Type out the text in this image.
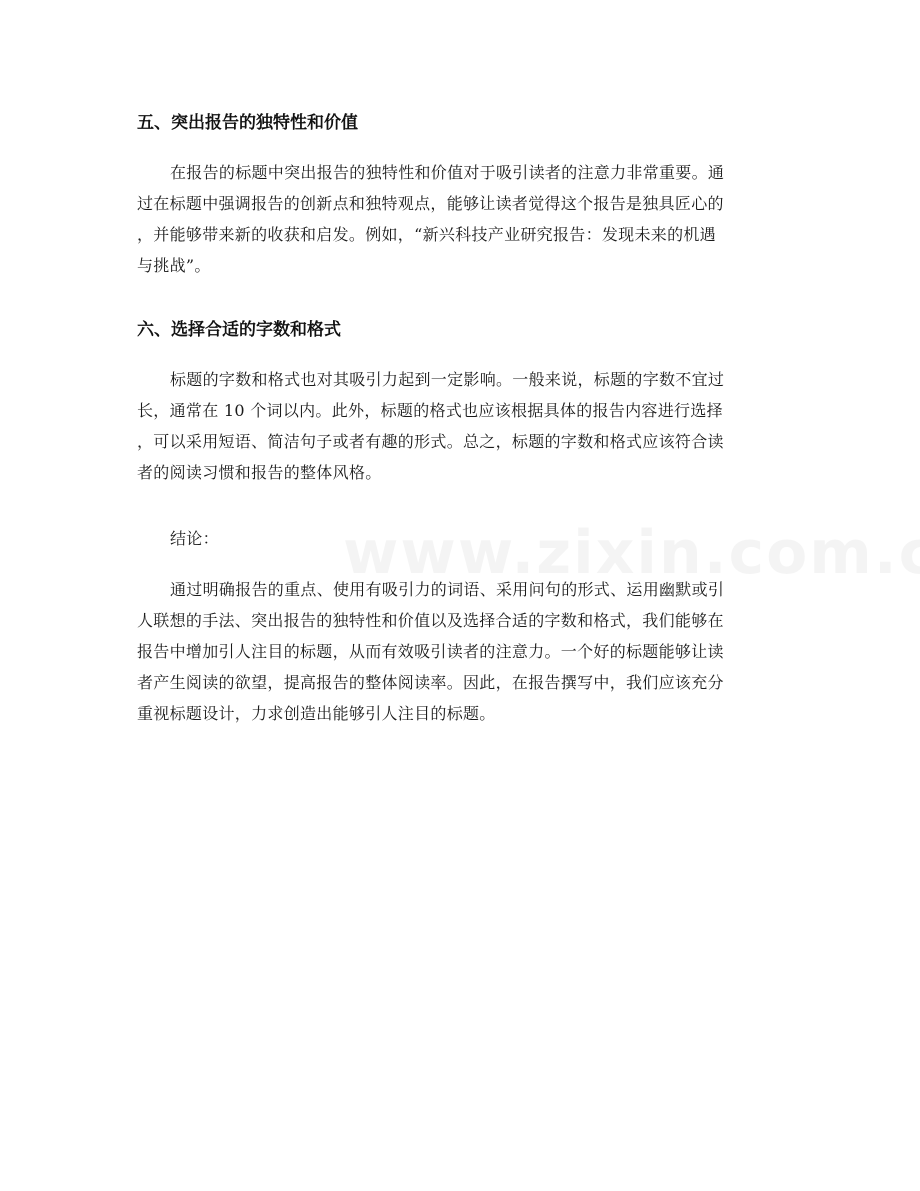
五、突出报告的独特性和价值
在报告的标题中突出报告的独特性和价值对于吸引读者的注意力非常重要。通
过在标题中强调报告的创新点和独特观点，能够让读者觉得这个报告是独具匠心的
，并能够带来新的收获和启发。例如，“新兴科技产业研究报告：发现未来的机遇
与挑战”。
六、选择合适的字数和格式
标题的字数和格式也对其吸引力起到一定影响。一般来说，标题的字数不宜过
长，通常在 10 个词以内。此外，标题的格式也应该根据具体的报告内容进行选择
，可以采用短语、简洁句子或者有趣的形式。总之，标题的字数和格式应该符合读
者的阅读习惯和报告的整体风格。
结论：
通过明确报告的重点、使用有吸引力的词语、采用问句的形式、运用幽默或引
人联想的手法、突出报告的独特性和价值以及选择合适的字数和格式，我们能够在
报告中增加引人注目的标题，从而有效吸引读者的注意力。一个好的标题能够让读
者产生阅读的欲望，提高报告的整体阅读率。因此，在报告撰写中，我们应该充分
重视标题设计，力求创造出能够引人注目的标题。
